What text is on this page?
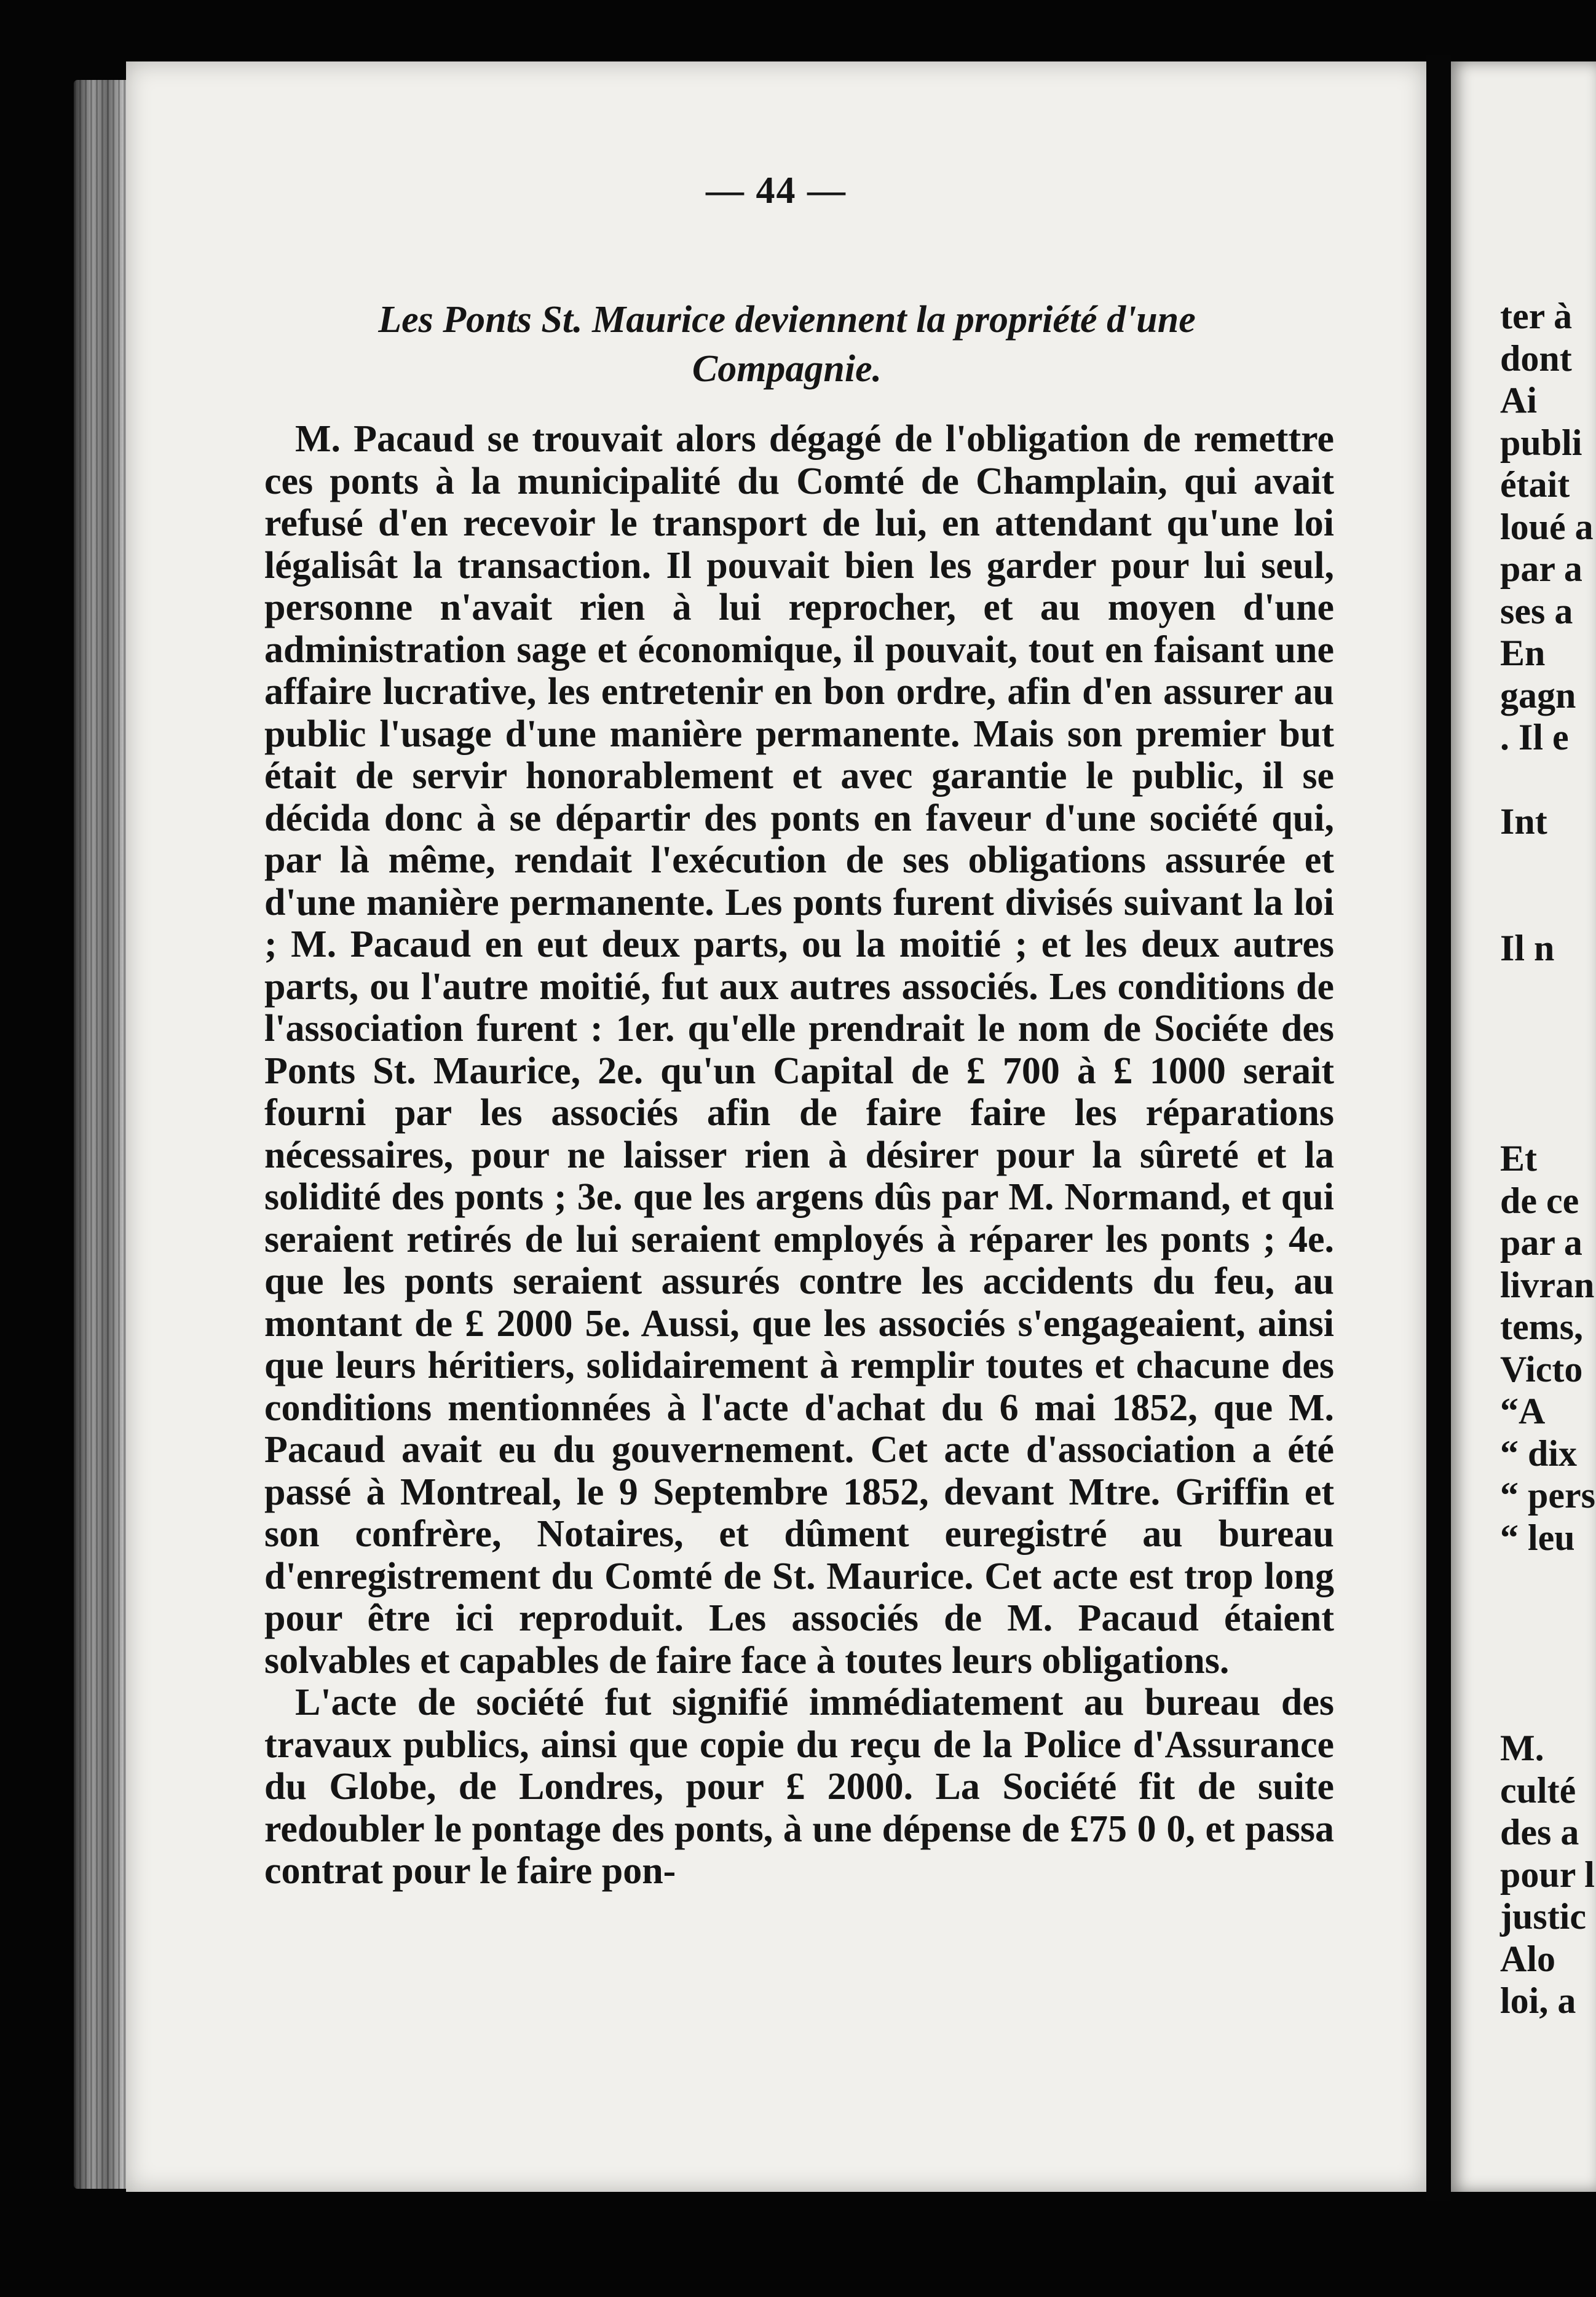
— 44 —
Les Ponts St. Maurice deviennent la propriété d'une
Compagnie.

M. Pacaud se trouvait alors dégagé de l'obligation de remettre ces ponts à la municipalité du Comté de Champlain, qui avait refusé d'en recevoir le transport de lui, en attendant qu'une loi légalisât la transaction. Il pouvait bien les garder pour lui seul, personne n'avait rien à lui reprocher, et au moyen d'une administration sage et économique, il pouvait, tout en faisant une affaire lucrative, les entretenir en bon ordre, afin d'en assurer au public l'usage d'une manière permanente. Mais son premier but était de servir honorablement et avec garantie le public, il se décida donc à se départir des ponts en faveur d'une société qui, par là même, rendait l'exécution de ses obligations assurée et d'une manière permanente. Les ponts furent divisés suivant la loi ; M. Pacaud en eut deux parts, ou la moitié ; et les deux autres parts, ou l'autre moitié, fut aux autres associés. Les conditions de l'association furent : 1er. qu'elle prendrait le nom de Sociéte des Ponts St. Maurice, 2e. qu'un Capital de £ 700 à £ 1000 serait fourni par les associés afin de faire faire les réparations nécessaires, pour ne laisser rien à désirer pour la sûreté et la solidité des ponts ; 3e. que les argens dûs par M. Normand, et qui seraient retirés de lui seraient employés à réparer les ponts ; 4e. que les ponts seraient assurés contre les accidents du feu, au montant de £ 2000 5e. Aussi, que les associés s'engageaient, ainsi que leurs héritiers, solidairement à remplir toutes et chacune des conditions mentionnées à l'acte d'achat du 6 mai 1852, que M. Pacaud avait eu du gouvernement. Cet acte d'association a été passé à Montreal, le 9 Septembre 1852, devant Mtre. Griffin et son confrère, Notaires, et dûment euregistré au bureau d'enregistrement du Comté de St. Maurice. Cet acte est trop long pour être ici reproduit. Les associés de M. Pacaud étaient solvables et capables de faire face à toutes leurs obligations.

L'acte de société fut signifié immédiatement au bureau des travaux publics, ainsi que copie du reçu de la Police d'Assurance du Globe, de Londres, pour £ 2000. La Société fit de suite redoubler le pontage des ponts, à une dépense de £75 0 0, et passa contrat pour le faire pon-

ter à
dont
Ai
publi
était
loué a
par a
ses a
En
gagn
. Il e
Int
Il n
Et
de ce
par a
livran
tems,
Victo
“A
“ dix
“ pers
“ leu
M.
culté
des a
pour l
justic
Alo
loi, a
